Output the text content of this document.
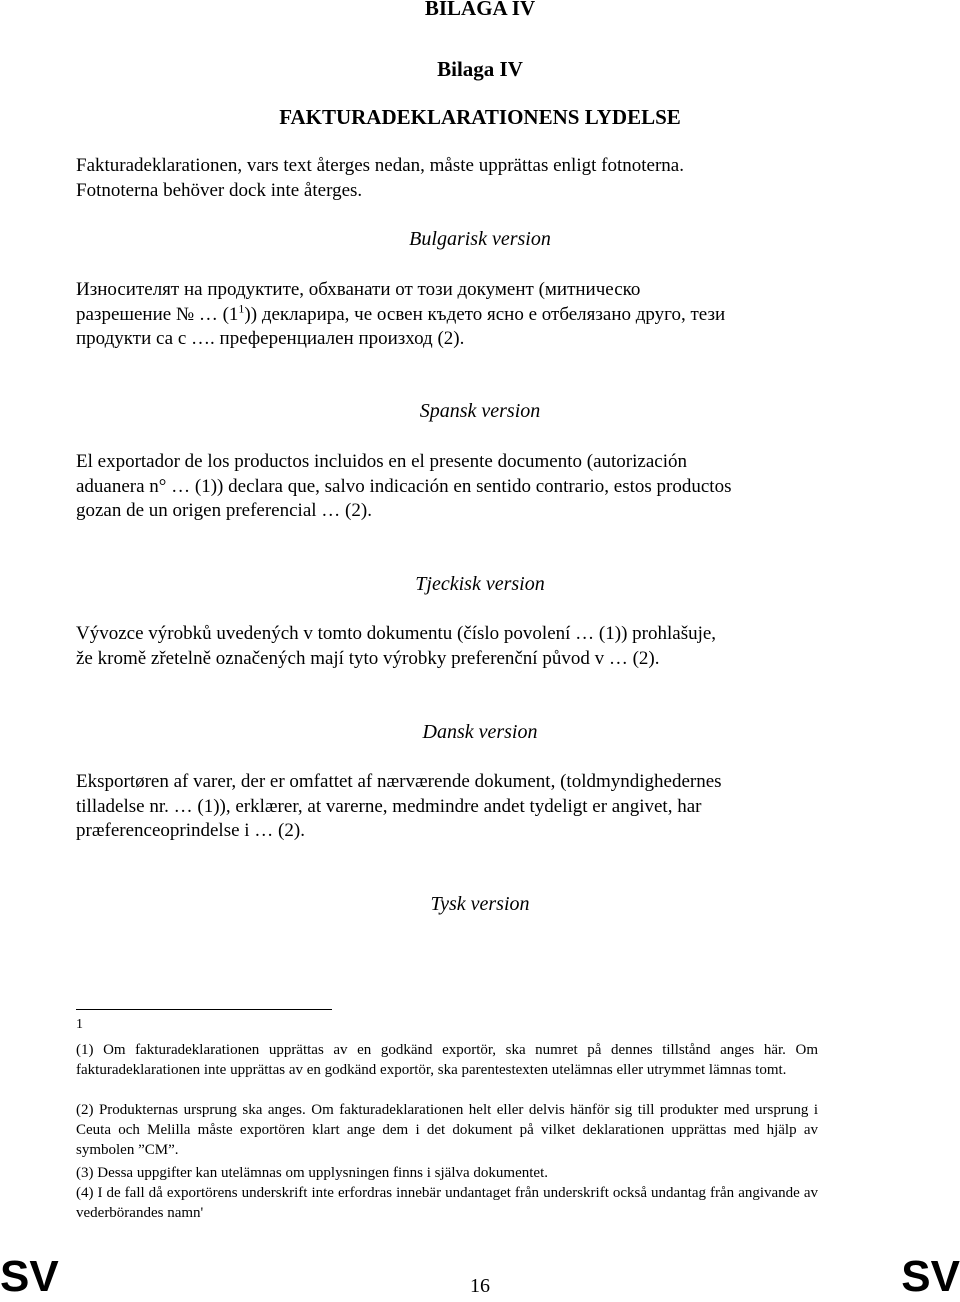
BILAGA IV
Bilaga IV
FAKTURADEKLARATIONENS LYDELSE
Fakturadeklarationen, vars text återges nedan, måste upprättas enligt fotnoterna.
Fotnoterna behöver dock inte återges.
Bulgarisk version
Износителят на продуктите, обхванати от този документ (митническо
разрешение № … $(1^1)$) декларира, че освен където ясно е отбелязано друго, тези
продукти са с …. преференциален произход (2).
Spansk version
El exportador de los productos incluidos en el presente documento (autorización
aduanera n° … (1)) declara que, salvo indicación en sentido contrario, estos productos
gozan de un origen preferencial … (2).
Tjeckisk version
Vývozce výrobků uvedených v tomto dokumentu (číslo povolení … (1)) prohlašuje,
že kromě zřetelně označených mají tyto výrobky preferenční původ v … (2).
Dansk version
Eksportøren af varer, der er omfattet af nærværende dokument, (toldmyndighedernes
tilladelse nr. … (1)), erklærer, at varerne, medmindre andet tydeligt er angivet, har
præferenceoprindelse i … (2).
Tysk version
1
(1) Om fakturadeklarationen upprättas av en godkänd exportör, ska numret på dennes tillstånd anges här. Om fakturadeklarationen inte upprättas av en godkänd exportör, ska parentestexten utelämnas eller utrymmet lämnas tomt.
(2) Produkternas ursprung ska anges. Om fakturadeklarationen helt eller delvis hänför sig till produkter med ursprung i Ceuta och Melilla måste exportören klart ange dem i det dokument på vilket deklarationen upprättas med hjälp av symbolen ”CM”.
(3) Dessa uppgifter kan utelämnas om upplysningen finns i själva dokumentet.
(4) I de fall då exportörens underskrift inte erfordras innebär undantaget från underskrift också undantag från angivande av vederbörandes namn'
SV	16	SV
